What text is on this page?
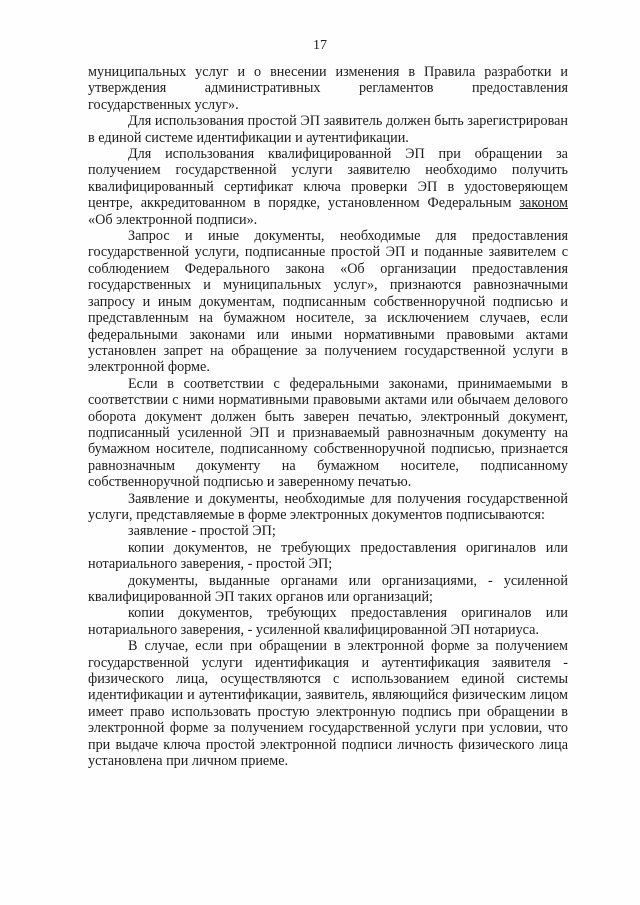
17

муниципальных услуг и о внесении изменения в Правила разработки и утверждения административных регламентов предоставления государственных услуг».

Для использования простой ЭП заявитель должен быть зарегистрирован в единой системе идентификации и аутентификации.

Для использования квалифицированной ЭП при обращении за получением государственной услуги заявителю необходимо получить квалифицированный сертификат ключа проверки ЭП в удостоверяющем центре, аккредитованном в порядке, установленном Федеральным законом «Об электронной подписи».

Запрос и иные документы, необходимые для предоставления государственной услуги, подписанные простой ЭП и поданные заявителем с соблюдением Федерального закона «Об организации предоставления государственных и муниципальных услуг», признаются равнозначными запросу и иным документам, подписанным собственноручной подписью и представленным на бумажном носителе, за исключением случаев, если федеральными законами или иными нормативными правовыми актами установлен запрет на обращение за получением государственной услуги в электронной форме.

Если в соответствии с федеральными законами, принимаемыми в соответствии с ними нормативными правовыми актами или обычаем делового оборота документ должен быть заверен печатью, электронный документ, подписанный усиленной ЭП и признаваемый равнозначным документу на бумажном носителе, подписанному собственноручной подписью, признается равнозначным документу на бумажном носителе, подписанному собственноручной подписью и заверенному печатью.

Заявление и документы, необходимые для получения государственной услуги, представляемые в форме электронных документов подписываются:

заявление - простой ЭП;

копии документов, не требующих предоставления оригиналов или нотариального заверения, - простой ЭП;

документы, выданные органами или организациями, - усиленной квалифицированной ЭП таких органов или организаций;

копии документов, требующих предоставления оригиналов или нотариального заверения, - усиленной квалифицированной ЭП нотариуса.

В случае, если при обращении в электронной форме за получением государственной услуги идентификация и аутентификация заявителя - физического лица, осуществляются с использованием единой системы идентификации и аутентификации, заявитель, являющийся физическим лицом имеет право использовать простую электронную подпись при обращении в электронной форме за получением государственной услуги при условии, что при выдаче ключа простой электронной подписи личность физического лица установлена при личном приеме.
